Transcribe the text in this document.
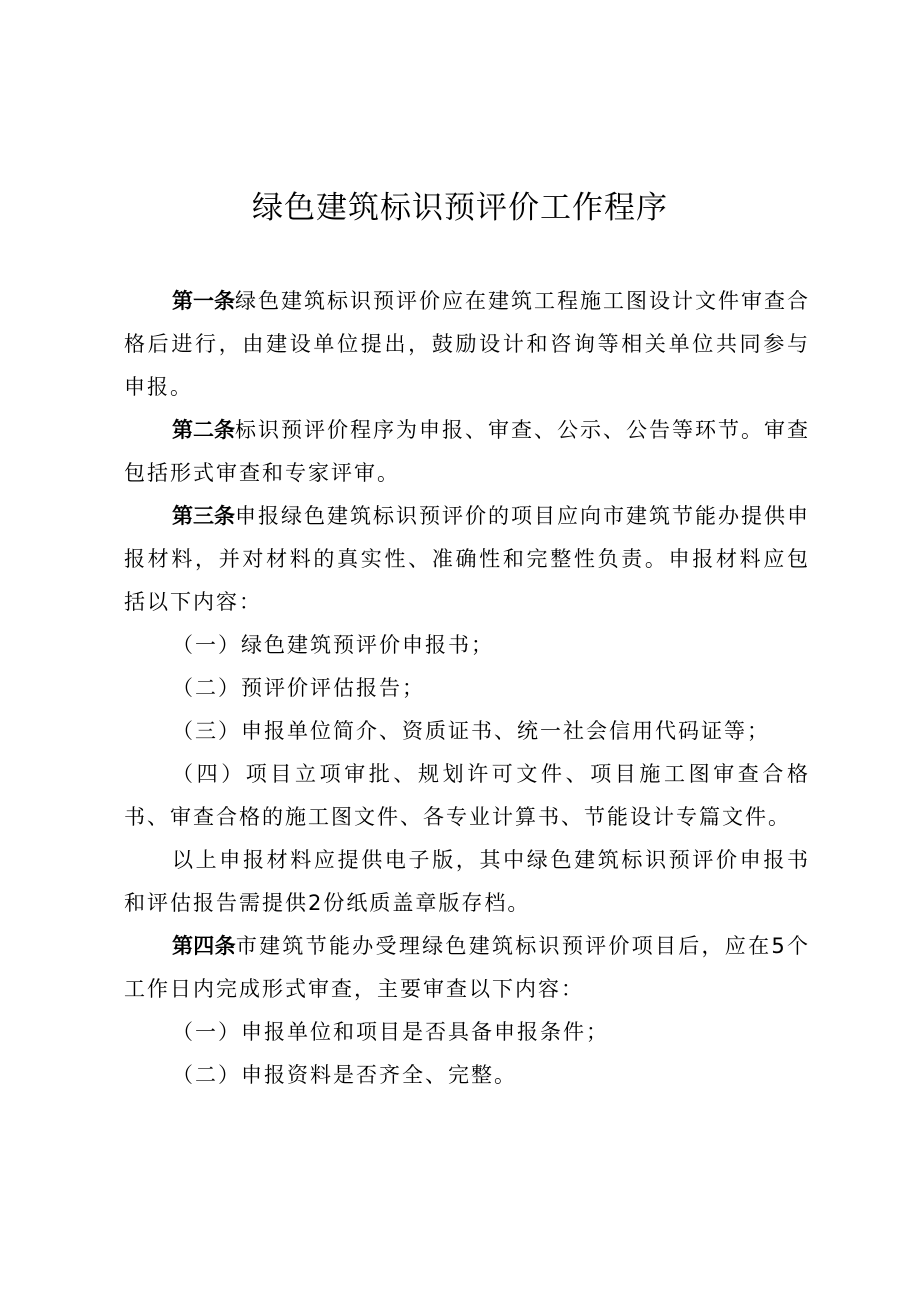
绿色建筑标识预评价工作程序

第一条绿色建筑标识预评价应在建筑工程施工图设计文件审查合格后进行，由建设单位提出，鼓励设计和咨询等相关单位共同参与申报。

第二条标识预评价程序为申报、审查、公示、公告等环节。审查包括形式审查和专家评审。

第三条申报绿色建筑标识预评价的项目应向市建筑节能办提供申报材料，并对材料的真实性、准确性和完整性负责。申报材料应包括以下内容：

（一）绿色建筑预评价申报书；

（二）预评价评估报告；

（三）申报单位简介、资质证书、统一社会信用代码证等；

（四）项目立项审批、规划许可文件、项目施工图审查合格书、审查合格的施工图文件、各专业计算书、节能设计专篇文件。

以上申报材料应提供电子版，其中绿色建筑标识预评价申报书和评估报告需提供2份纸质盖章版存档。

第四条市建筑节能办受理绿色建筑标识预评价项目后，应在5个工作日内完成形式审查，主要审查以下内容：

（一）申报单位和项目是否具备申报条件；

（二）申报资料是否齐全、完整。
